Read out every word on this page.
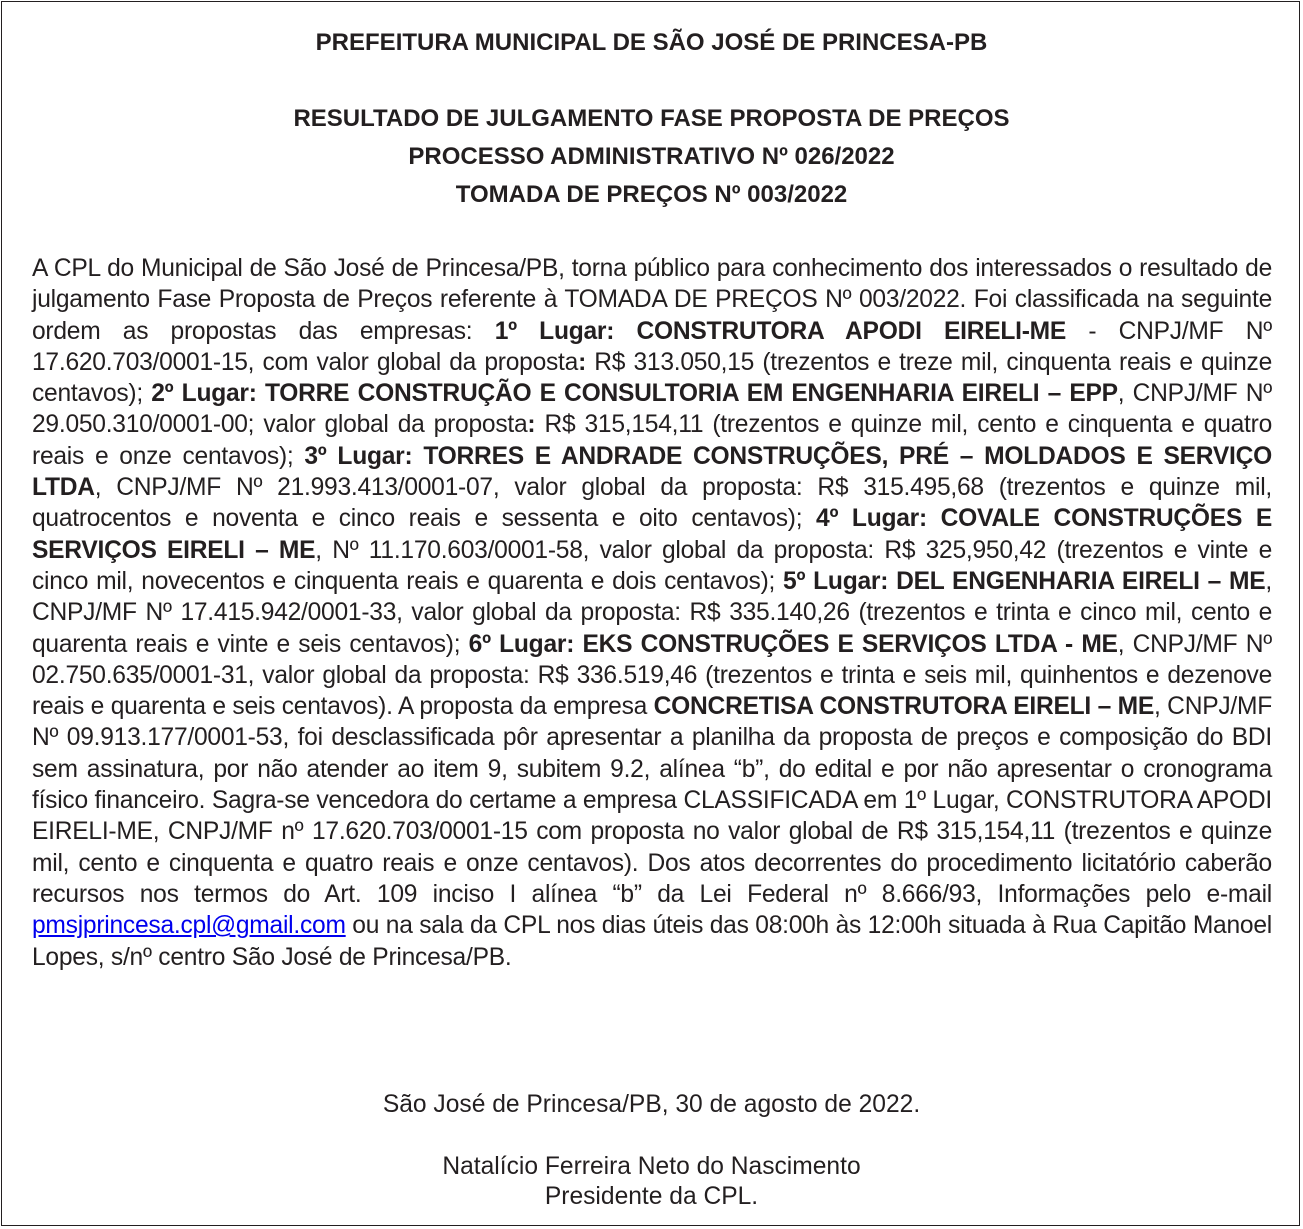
PREFEITURA MUNICIPAL DE SÃO JOSÉ DE PRINCESA-PB
RESULTADO DE JULGAMENTO FASE PROPOSTA DE PREÇOS
PROCESSO ADMINISTRATIVO Nº 026/2022
TOMADA DE PREÇOS Nº 003/2022
A CPL do Municipal de São José de Princesa/PB, torna público para conhecimento dos interessados o resultado de julgamento Fase Proposta de Preços referente à TOMADA DE PREÇOS Nº 003/2022. Foi classificada na seguinte ordem as propostas das empresas: 1º Lugar: CONSTRUTORA APODI EIRELI-ME - CNPJ/MF Nº 17.620.703/0001-15, com valor global da proposta: R$ 313.050,15 (trezentos e treze mil, cinquenta reais e quinze centavos); 2º Lugar: TORRE CONSTRUÇÃO E CONSULTORIA EM ENGENHARIA EIRELI – EPP, CNPJ/MF Nº 29.050.310/0001-00; valor global da proposta: R$ 315,154,11 (trezentos e quinze mil, cento e cinquenta e quatro reais e onze centavos); 3º Lugar: TORRES E ANDRADE CONSTRUÇÕES, PRÉ – MOLDADOS E SERVIÇO LTDA, CNPJ/MF Nº 21.993.413/0001-07, valor global da proposta: R$ 315.495,68 (trezentos e quinze mil, quatrocentos e noventa e cinco reais e sessenta e oito centavos); 4º Lugar: COVALE CONSTRUÇÕES E SERVIÇOS EIRELI – ME, Nº 11.170.603/0001-58, valor global da proposta: R$ 325,950,42 (trezentos e vinte e cinco mil, novecentos e cinquenta reais e quarenta e dois centavos); 5º Lugar: DEL ENGENHARIA EIRELI – ME, CNPJ/MF Nº 17.415.942/0001-33, valor global da proposta: R$ 335.140,26 (trezentos e trinta e cinco mil, cento e quarenta reais e vinte e seis centavos); 6º Lugar: EKS CONSTRUÇÕES E SERVIÇOS LTDA - ME, CNPJ/MF Nº 02.750.635/0001-31, valor global da proposta: R$ 336.519,46 (trezentos e trinta e seis mil, quinhentos e dezenove reais e quarenta e seis centavos). A proposta da empresa CONCRETISA CONSTRUTORA EIRELI – ME, CNPJ/MF Nº 09.913.177/0001-53, foi desclassificada pôr apresentar a planilha da proposta de preços e composição do BDI sem assinatura, por não atender ao item 9, subitem 9.2, alínea “b”, do edital e por não apresentar o cronograma físico financeiro. Sagra-se vencedora do certame a empresa CLASSIFICADA em 1º Lugar, CONSTRUTORA APODI EIRELI-ME, CNPJ/MF nº 17.620.703/0001-15 com proposta no valor global de R$ 315,154,11 (trezentos e quinze mil, cento e cinquenta e quatro reais e onze centavos). Dos atos decorrentes do procedimento licitatório caberão recursos nos termos do Art. 109 inciso I alínea “b” da Lei Federal nº 8.666/93, Informações pelo e-mail pmsjprincesa.cpl@gmail.com ou na sala da CPL nos dias úteis das 08:00h às 12:00h situada à Rua Capitão Manoel Lopes, s/nº centro São José de Princesa/PB.
São José de Princesa/PB, 30 de agosto de 2022.
Natalício Ferreira Neto do Nascimento
Presidente da CPL.
